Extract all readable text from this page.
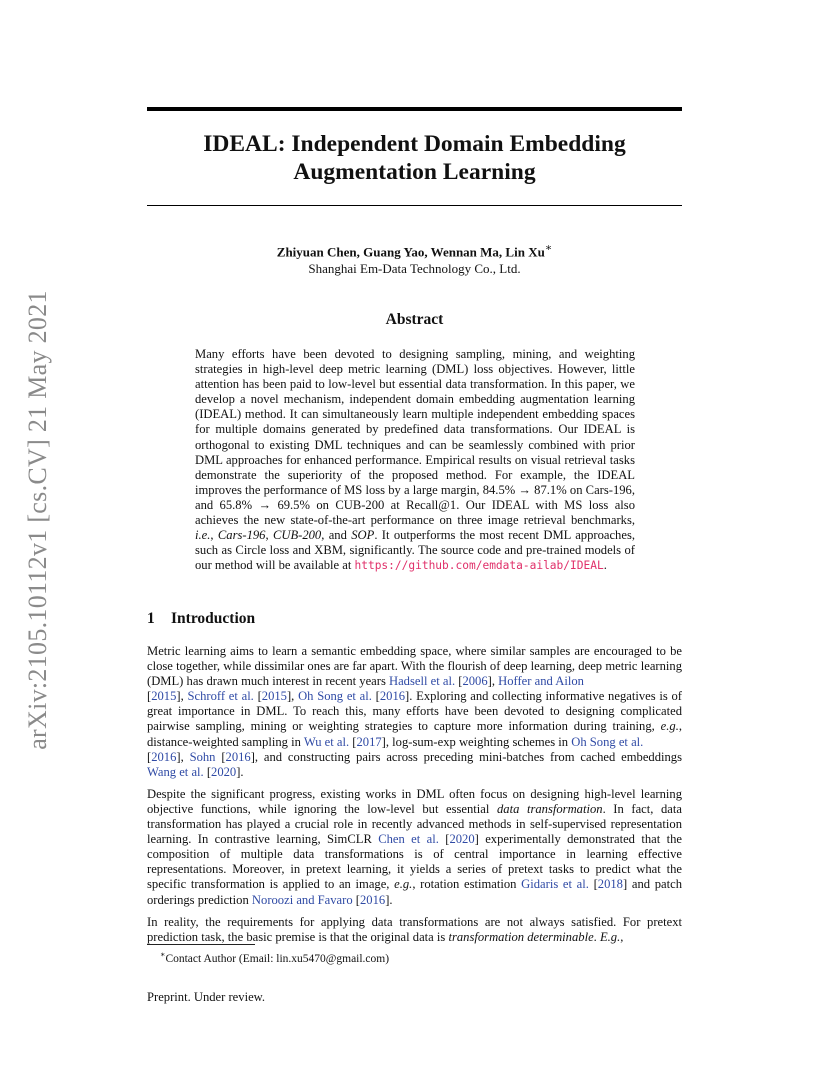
arXiv:2105.10112v1 [cs.CV] 21 May 2021
IDEAL: Independent Domain Embedding
Augmentation Learning
Zhiyuan Chen, Guang Yao, Wennan Ma, Lin Xu∗
Shanghai Em-Data Technology Co., Ltd.
Abstract

Many efforts have been devoted to designing sampling, mining, and weighting strategies in high-level deep metric learning (DML) loss objectives. However, little attention has been paid to low-level but essential data transformation. In this paper, we develop a novel mechanism, independent domain embedding augmentation learning (IDEAL) method. It can simultaneously learn multiple independent embedding spaces for multiple domains generated by predefined data transformations. Our IDEAL is orthogonal to existing DML techniques and can be seamlessly combined with prior DML approaches for enhanced performance. Empirical results on visual retrieval tasks demonstrate the superiority of the proposed method. For example, the IDEAL improves the performance of MS loss by a large margin, 84.5% → 87.1% on Cars-196, and 65.8% → 69.5% on CUB-200 at Recall@1. Our IDEAL with MS loss also achieves the new state-of-the-art performance on three image retrieval benchmarks, i.e., Cars-196, CUB-200, and SOP. It outperforms the most recent DML approaches, such as Circle loss and XBM, significantly. The source code and pre-trained models of our method will be available at https://github.com/emdata-ailab/IDEAL.

1 Introduction

Metric learning aims to learn a semantic embedding space, where similar samples are encouraged to be close together, while dissimilar ones are far apart. With the flourish of deep learning, deep metric learning (DML) has drawn much interest in recent years Hadsell et al. [2006], Hoffer and Ailon
[2015], Schroff et al. [2015], Oh Song et al. [2016]. Exploring and collecting informative negatives is of great importance in DML. To reach this, many efforts have been devoted to designing complicated pairwise sampling, mining or weighting strategies to capture more information during training, e.g., distance-weighted sampling in Wu et al. [2017], log-sum-exp weighting schemes in Oh Song et al.
[2016], Sohn [2016], and constructing pairs across preceding mini-batches from cached embeddings Wang et al. [2020].

Despite the significant progress, existing works in DML often focus on designing high-level learning objective functions, while ignoring the low-level but essential data transformation. In fact, data transformation has played a crucial role in recently advanced methods in self-supervised representation learning. In contrastive learning, SimCLR Chen et al. [2020] experimentally demonstrated that the composition of multiple data transformations is of central importance in learning effective representations. Moreover, in pretext learning, it yields a series of pretext tasks to predict what the specific transformation is applied to an image, e.g., rotation estimation Gidaris et al. [2018] and patch orderings prediction Noroozi and Favaro [2016].

In reality, the requirements for applying data transformations are not always satisfied. For pretext prediction task, the basic premise is that the original data is transformation determinable. E.g.,

∗Contact Author (Email: lin.xu5470@gmail.com)
Preprint. Under review.
